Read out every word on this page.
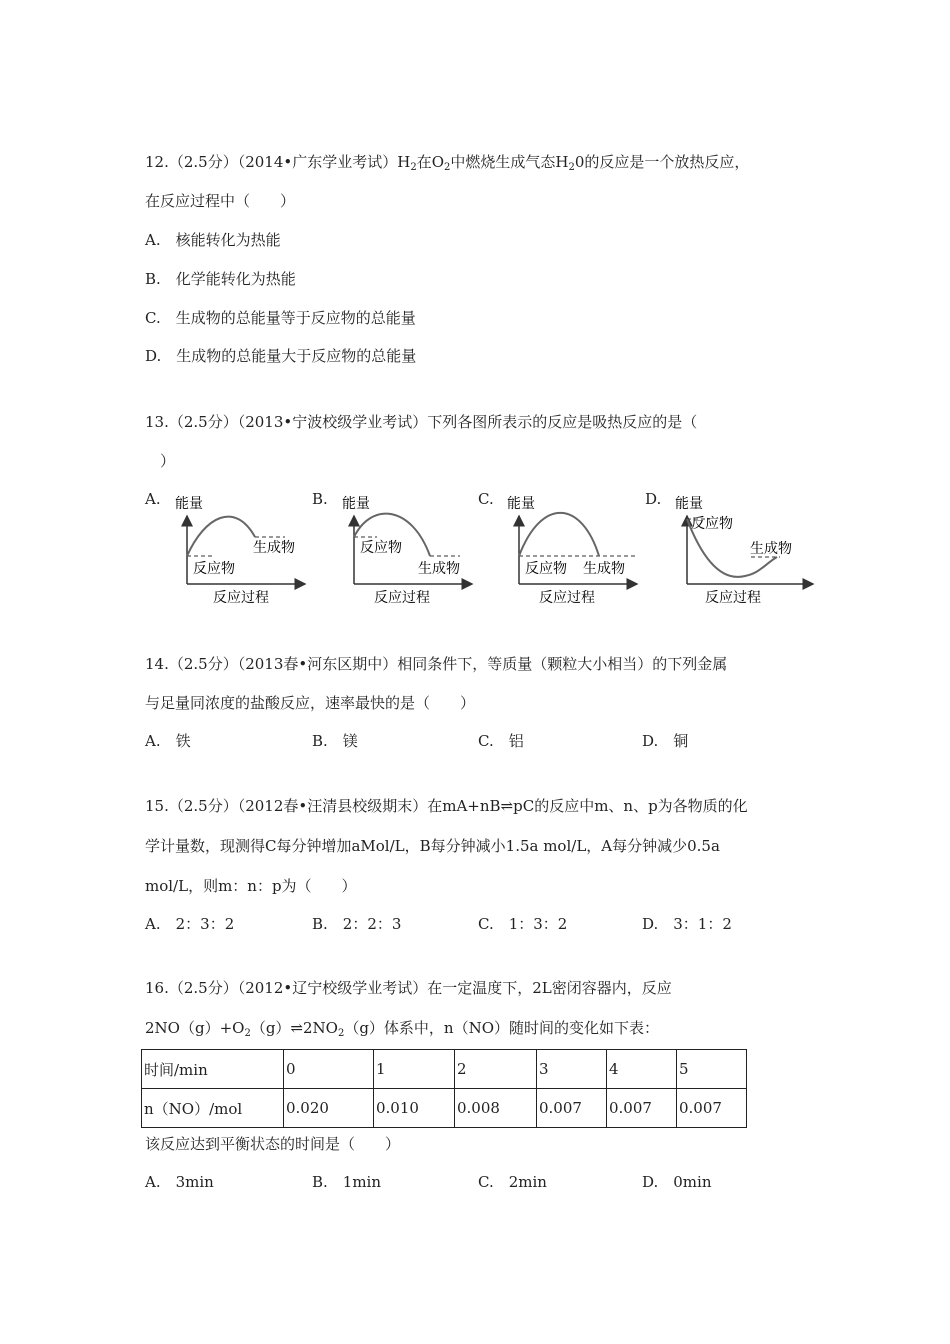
12.（2.5分）（2014•广东学业考试）$H_2$在$O_2$中燃烧生成气态$H_20$的反应是一个放热反应，
在反应过程中（　　）
A.　核能转化为热能
B.　化学能转化为热能
C.　生成物的总能量等于反应物的总能量
D.　生成物的总能量大于反应物的总能量
13.（2.5分）（2013•宁波校级学业考试）下列各图所表示的反应是吸热反应的是（
）
A.	B.	C.	D.
能量
反应物
生成物
反应过程
能量
反应物
生成物
反应过程
能量
反应物 生成物
反应过程
能量
反应物
生成物
反应过程
14.（2.5分）（2013春•河东区期中）相同条件下，等质量（颗粒大小相当）的下列金属
与足量同浓度的盐酸反应，速率最快的是（　　）
A.　铁	B.　镁	C.　铝	D.　铜
15.（2.5分）（2012春•汪清县校级期末）在mA+nB⇌pC的反应中m、n、p为各物质的化
学计量数，现测得C每分钟增加aMol/L，B每分钟减小1.5a mol/L，A每分钟减少0.5a
mol/L，则m：n：p为（　　）
A.　2：3：2	B.　2：2：3	C.　1：3：2	D.　3：1：2
16.（2.5分）（2012•辽宁校级学业考试）在一定温度下，2L密闭容器内，反应
$2NO(g)+O_2(g)\rightleftharpoons 2NO_2(g)$体系中，n（NO）随时间的变化如下表：
时间/min	0	1	2	3	4	5
n（NO）/mol	0.020	0.010	0.008	0.007	0.007	0.007
该反应达到平衡状态的时间是（　　）
A.　3min	B.　1min	C.　2min	D.　0min
